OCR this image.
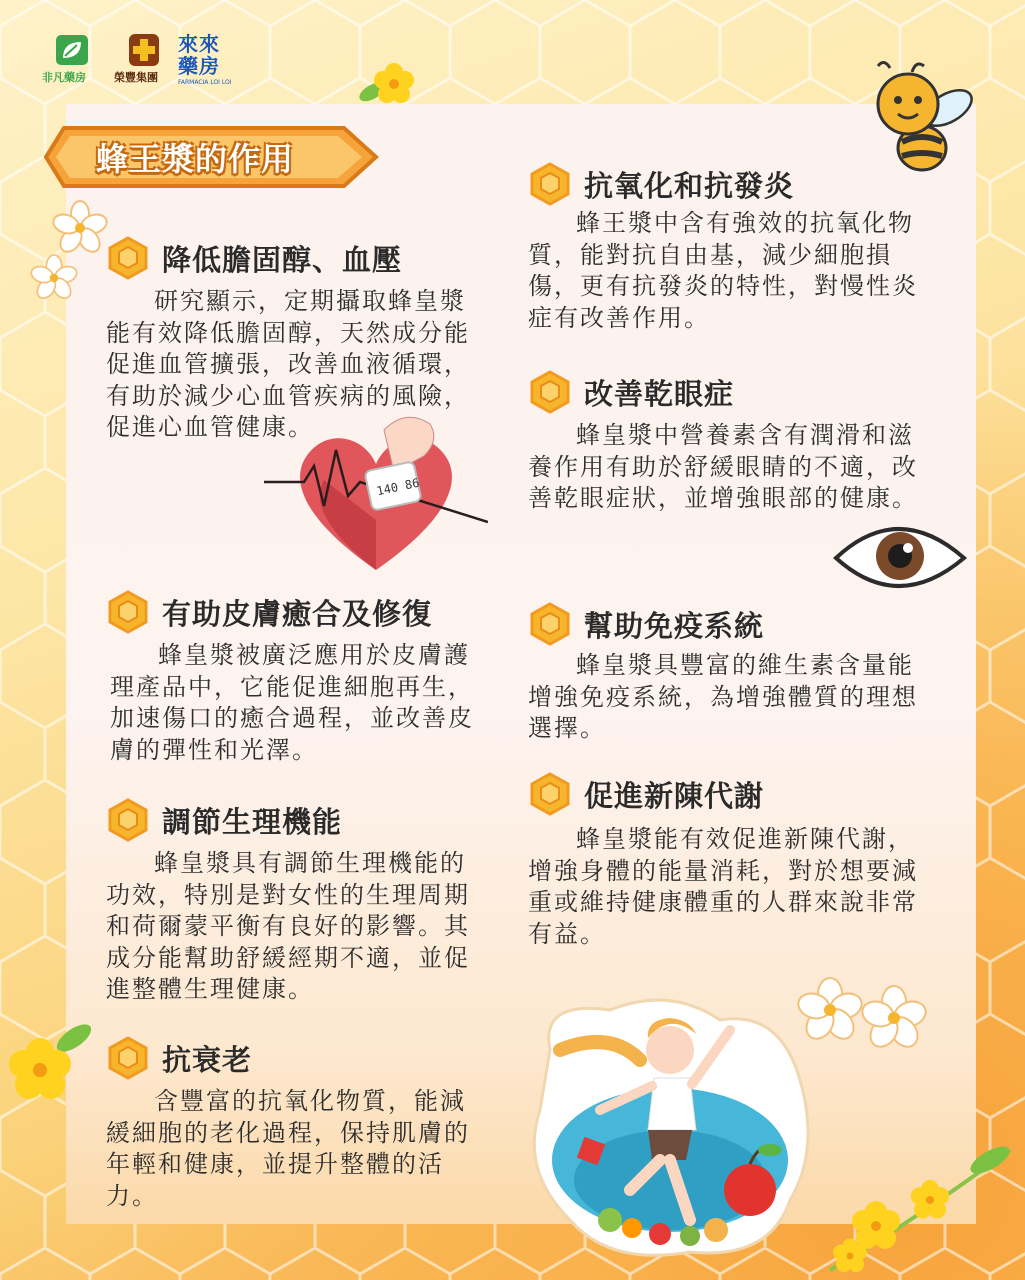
非凡藥房	榮豐集團
來來
藥房
FARMACIA LOI LOI
蜂王漿的作用
降低膽固醇、血壓

研究顯示，定期攝取蜂皇漿能有效降低膽固醇，天然成分能促進血管擴張，改善血液循環，有助於減少心血管疾病的風險，促進心血管健康。

140 86
有助皮膚癒合及修復

蜂皇漿被廣泛應用於皮膚護理產品中，它能促進細胞再生，加速傷口的癒合過程，並改善皮膚的彈性和光澤。

調節生理機能

蜂皇漿具有調節生理機能的功效，特別是對女性的生理周期和荷爾蒙平衡有良好的影響。其成分能幫助舒緩經期不適，並促進整體生理健康。

抗衰老

含豐富的抗氧化物質，能減緩細胞的老化過程，保持肌膚的年輕和健康，並提升整體的活力。

抗氧化和抗發炎

蜂王漿中含有強效的抗氧化物質，能對抗自由基，減少細胞損傷，更有抗發炎的特性，對慢性炎症有改善作用。

改善乾眼症

蜂皇漿中營養素含有潤滑和滋養作用有助於舒緩眼睛的不適，改善乾眼症狀，並增強眼部的健康。

幫助免疫系統

蜂皇漿具豐富的維生素含量能增強免疫系統，為增強體質的理想選擇。

促進新陳代謝

蜂皇漿能有效促進新陳代謝，增強身體的能量消耗，對於想要減重或維持健康體重的人群來說非常有益。
